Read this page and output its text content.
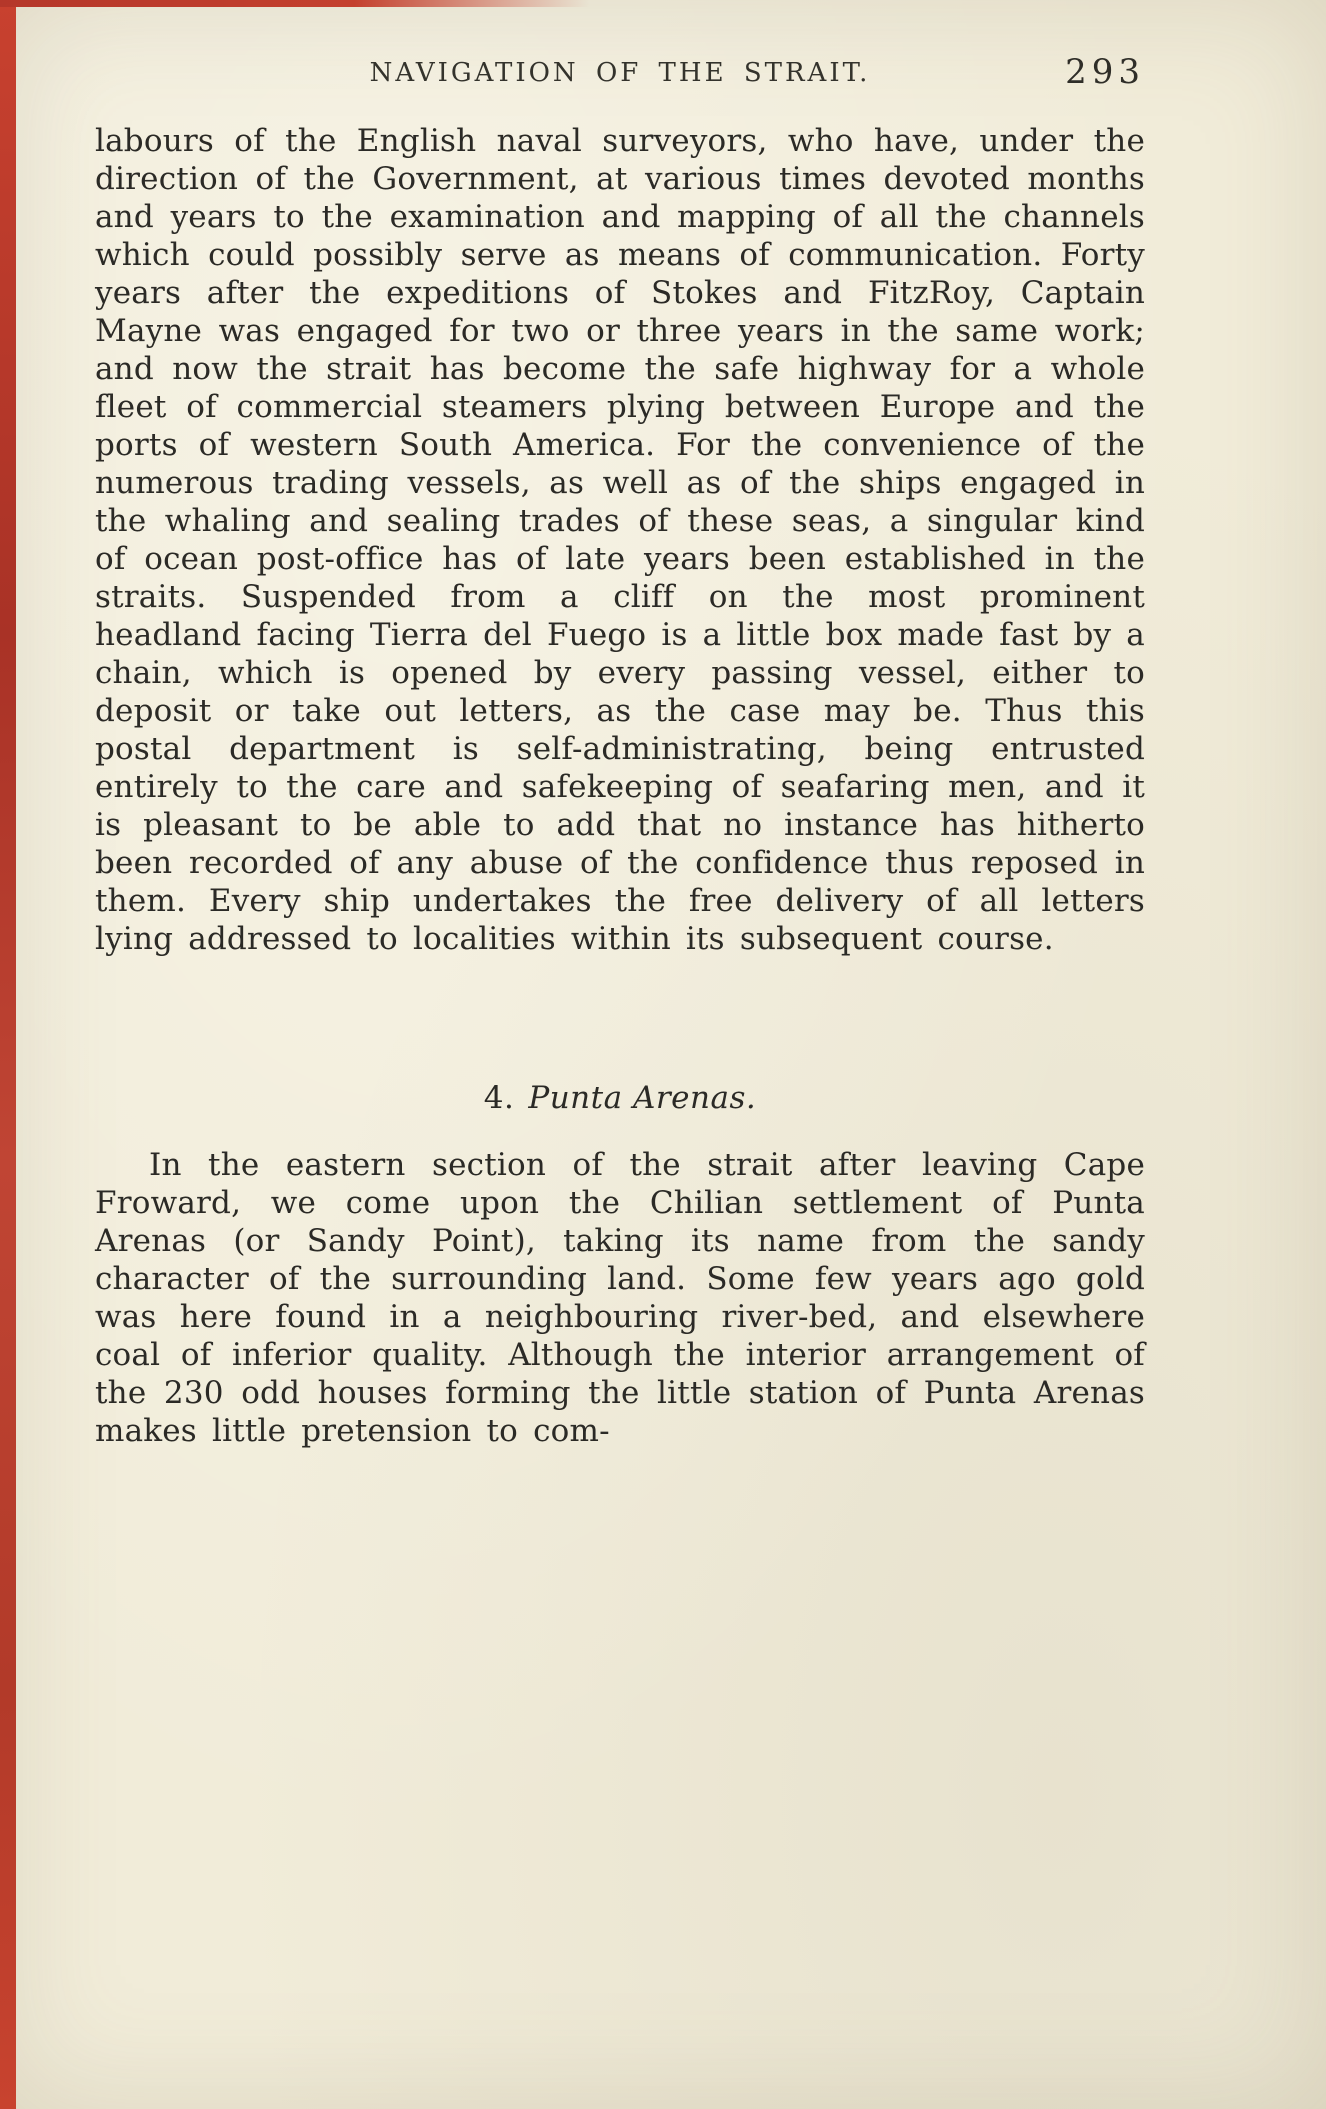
NAVIGATION OF THE STRAIT.	293

labours of the English naval surveyors, who have, under the direction of the Government, at various times devoted months and years to the examination and mapping of all the channels which could possibly serve as means of communication. Forty years after the expeditions of Stokes and FitzRoy, Captain Mayne was engaged for two or three years in the same work; and now the strait has become the safe highway for a whole fleet of commercial steamers plying between Europe and the ports of western South America. For the convenience of the numerous trading vessels, as well as of the ships engaged in the whaling and sealing trades of these seas, a singular kind of ocean post-office has of late years been established in the straits. Suspended from a cliff on the most prominent headland facing Tierra del Fuego is a little box made fast by a chain, which is opened by every passing vessel, either to deposit or take out letters, as the case may be. Thus this postal department is self-administrating, being entrusted entirely to the care and safekeeping of seafaring men, and it is pleasant to be able to add that no instance has hitherto been recorded of any abuse of the confidence thus reposed in them. Every ship undertakes the free delivery of all letters lying addressed to localities within its subsequent course.

4. Punta Arenas.

In the eastern section of the strait after leaving Cape Froward, we come upon the Chilian settlement of Punta Arenas (or Sandy Point), taking its name from the sandy character of the surrounding land. Some few years ago gold was here found in a neighbouring river-bed, and elsewhere coal of inferior quality. Although the interior arrangement of the 230 odd houses forming the little station of Punta Arenas makes little pretension to com-
